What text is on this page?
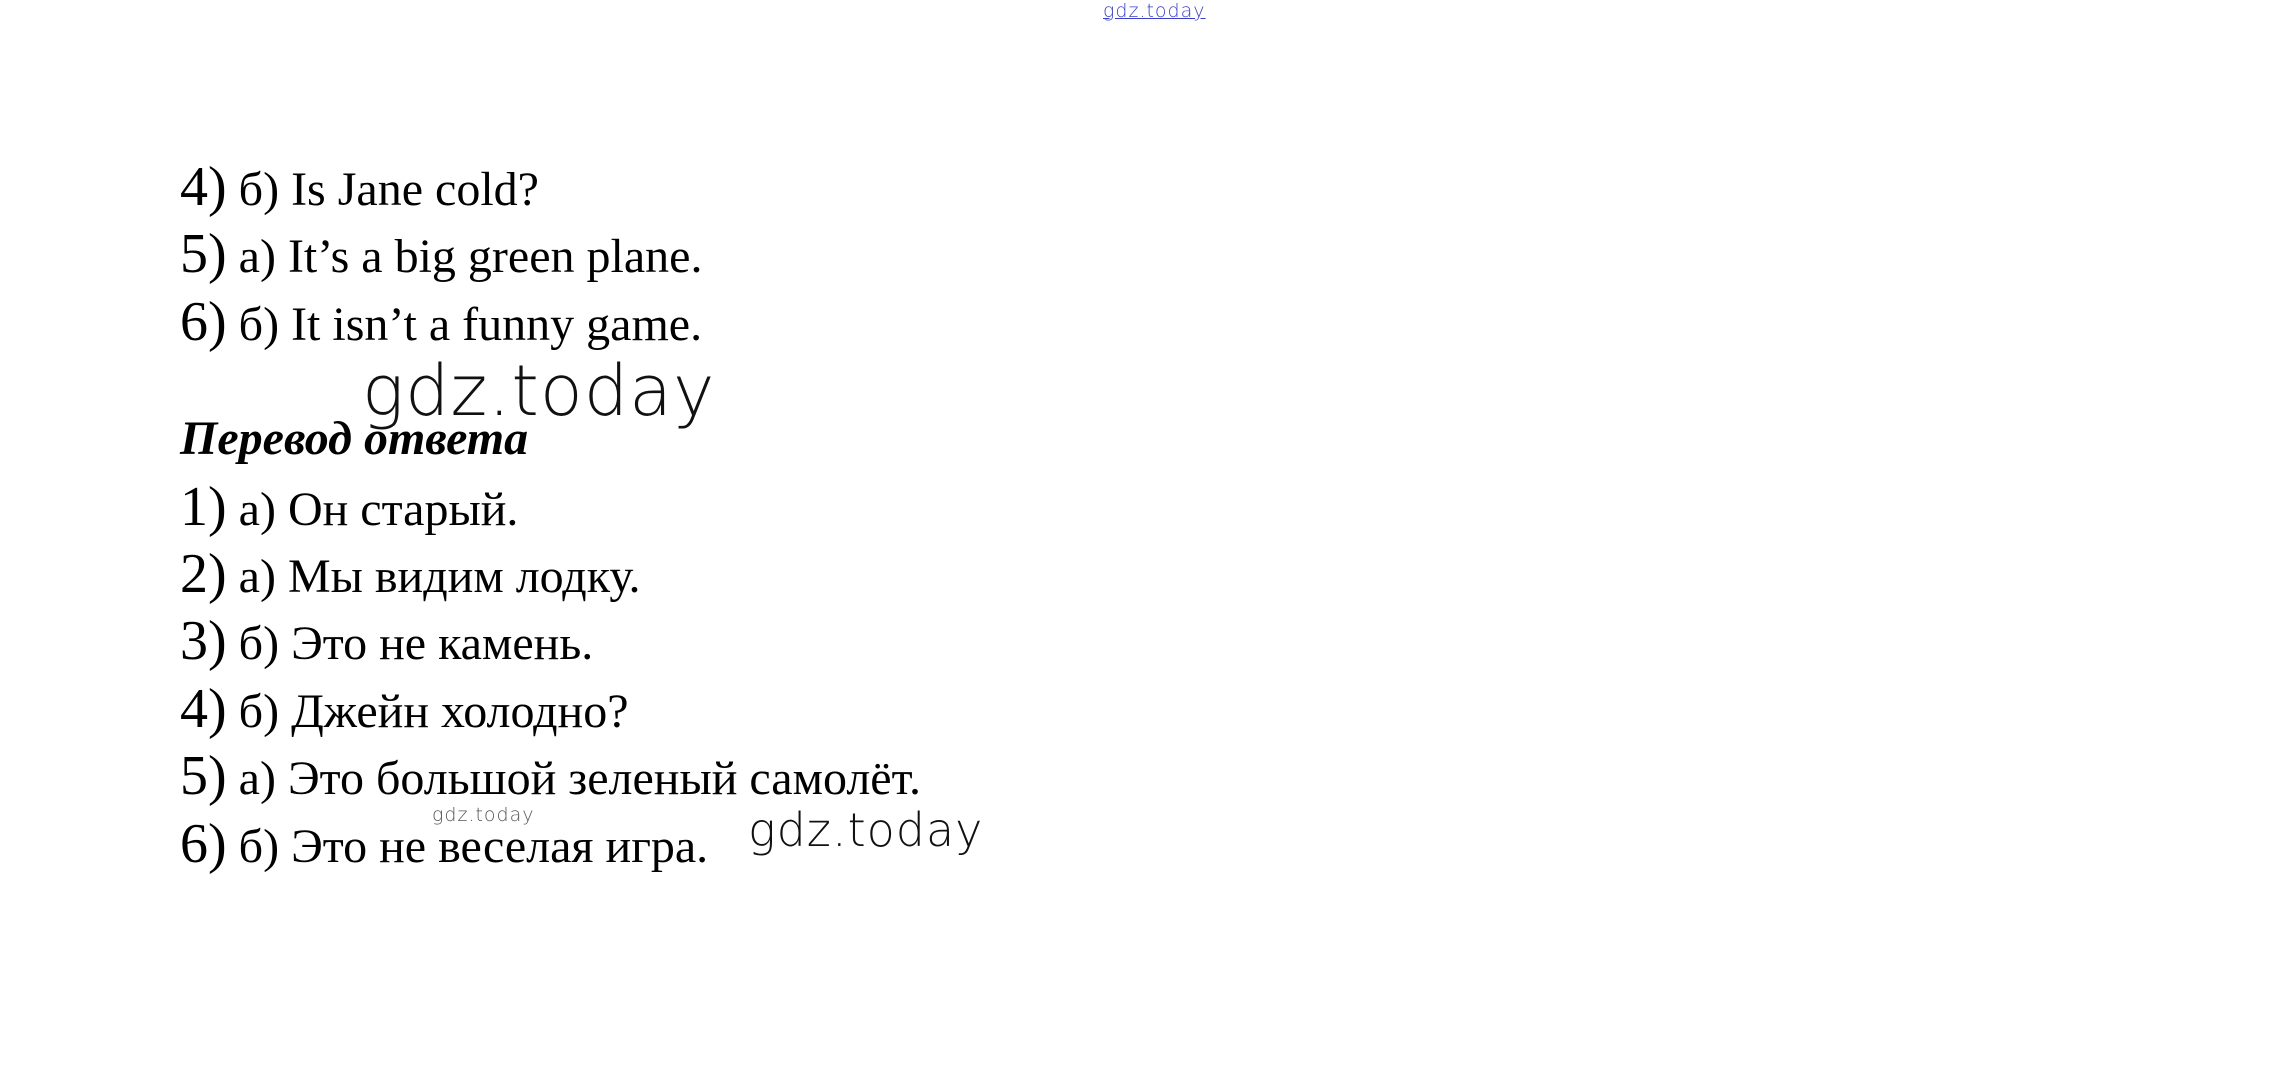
gdz.today
4) б) Is Jane cold?
5) a) It’s a big green plane.
6) б) It isn’t a funny game.
gdz.today
Перевод ответа
1) а) Он старый.
2) а) Мы видим лодку.
3) б) Это не камень.
4) б) Джейн холодно?
5) а) Это большой зеленый самолёт.
gdz.today
6) б) Это не веселая игра. gdz.today
